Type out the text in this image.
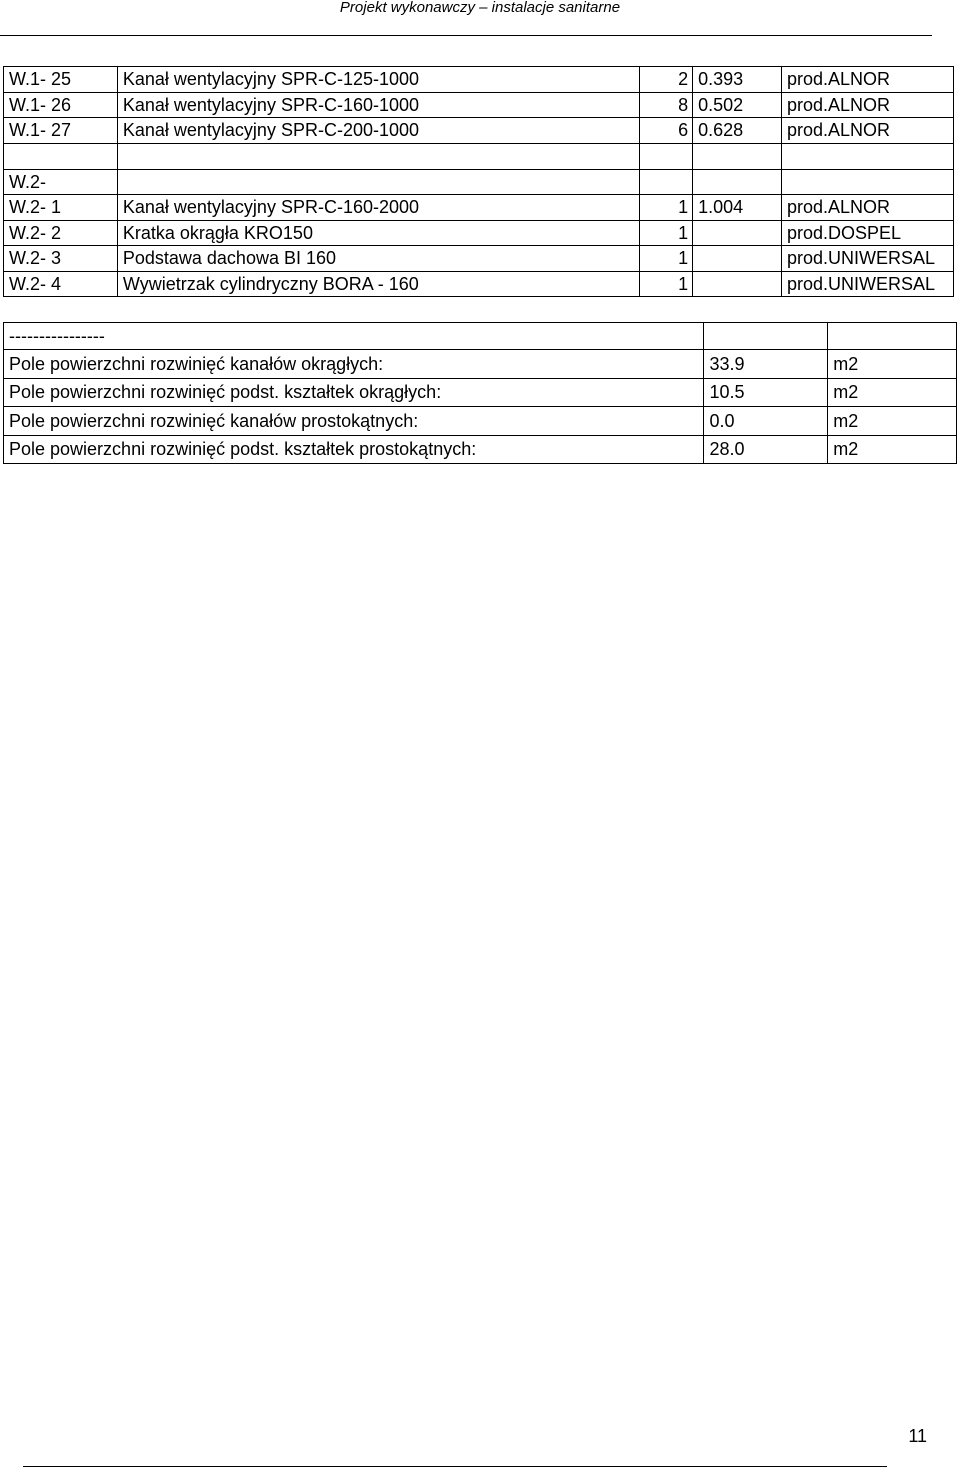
Projekt wykonawczy – instalacje sanitarne
W.1- 25	Kanał wentylacyjny SPR-C-125-1000	2	0.393	prod.ALNOR
W.1- 26	Kanał wentylacyjny SPR-C-160-1000	8	0.502	prod.ALNOR
W.1- 27	Kanał wentylacyjny SPR-C-200-1000	6	0.628	prod.ALNOR

W.2-				
W.2- 1	Kanał wentylacyjny SPR-C-160-2000	1	1.004	prod.ALNOR
W.2- 2	Kratka okrągła KRO150	1		prod.DOSPEL
W.2- 3	Podstawa dachowa BI 160	1		prod.UNIWERSAL
W.2- 4	Wywietrzak cylindryczny BORA - 160	1		prod.UNIWERSAL
----------------		
Pole powierzchni rozwinięć kanałów okrągłych:	33.9	m2
Pole powierzchni rozwinięć podst. kształtek okrągłych:	10.5	m2
Pole powierzchni rozwinięć kanałów prostokątnych:	0.0	m2
Pole powierzchni rozwinięć podst. kształtek prostokątnych:	28.0	m2
11
